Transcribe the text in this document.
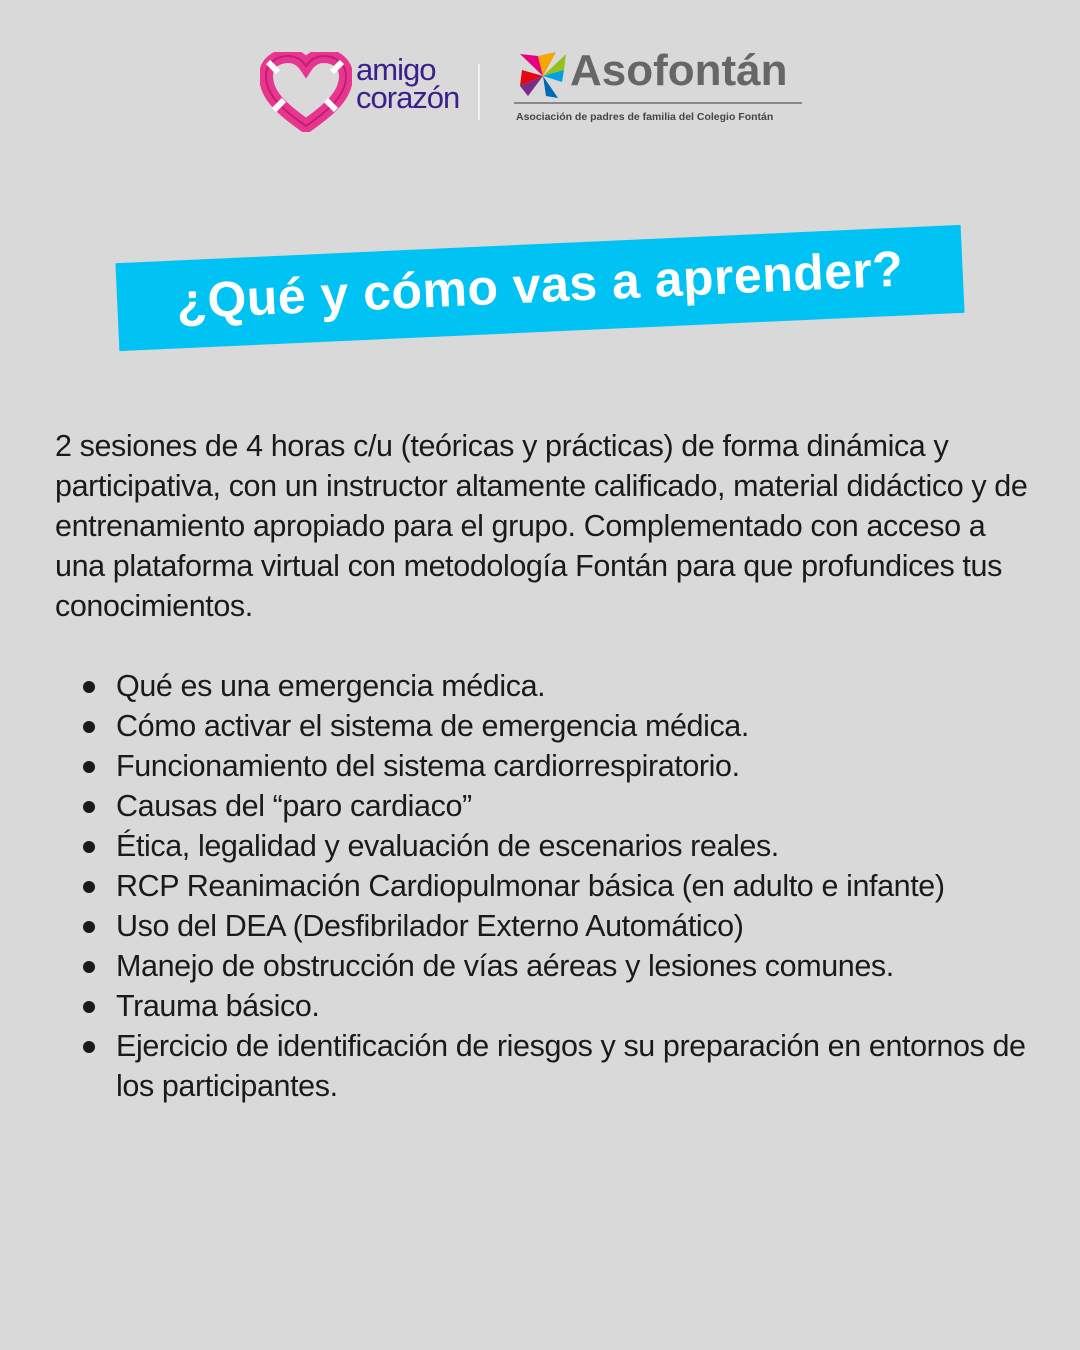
amigo
corazón
Asofontán
Asociación de padres de familia del Colegio Fontán
¿Qué y cómo vas a aprender?

2 sesiones de 4 horas c/u (teóricas y prácticas) de forma dinámica y participativa, con un instructor altamente calificado, material didáctico y de entrenamiento apropiado para el grupo. Complementado con acceso a una plataforma virtual con metodología Fontán para que profundices tus conocimientos.

Qué es una emergencia médica.
Cómo activar el sistema de emergencia médica.
Funcionamiento del sistema cardiorrespiratorio.
Causas del “paro cardiaco”
Ética, legalidad y evaluación de escenarios reales.
RCP Reanimación Cardiopulmonar básica (en adulto e infante)
Uso del DEA (Desfibrilador Externo Automático)
Manejo de obstrucción de vías aéreas y lesiones comunes.
Trauma básico.
Ejercicio de identificación de riesgos y su preparación en entornos de los participantes.
